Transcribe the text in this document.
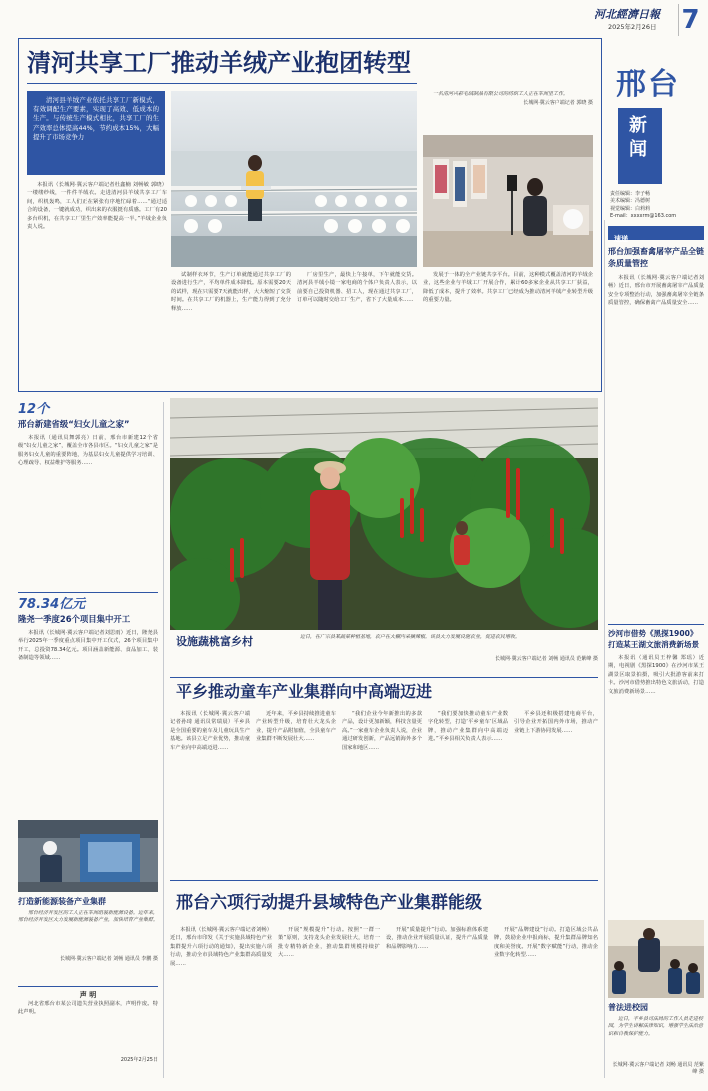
河北經濟日報
2025年2月26日 7
邢台
新闻
责任编辑：李子畅
美术编辑：冯德树
视觉编辑：白莉莉
E-mail：xxxxrm@163.com
清河共享工厂推动羊绒产业抱团转型
清河县羊绒产业依托共享工厂新模式，有效调配生产要素，实现了高效、低成本的生产。与传统生产模式相比，共享工厂的生产效率总体提高44%，节约成本15%，大幅提升了市场竞争力
本报讯（长城网·冀云客户端记者杜鑫楠 刘畅敏 郭晓）一缕缕纱线，一件件羊绒衣。走进清河县羊绒共享工厂车间，织机轰鸣，工人们正在紧张有序地忙碌着……“通过适合的设备，一键就成功，织出来的衣服挺有质感。工厂有20多台织机，在共享工厂里生产效率能提高一半。”羊绒企业负责人说。
试制样衣环节，生产订单就能通过共享工厂的设备进行生产，平均单件成本降低。原本需要20天的试样，现在只需要7天就能出样，大大缩短了交货时间。在共享工厂的机器上，生产能力得到了充分释放……
厂房里生产，最快上午接单，下午就能交货。清河县羊绒小镜一家电商的个体户负责人表示，以前要自己投资机器、招工人，现在通过共享工厂，订单可以随时交给工厂生产，省下了大量成本……
一名清河兴彩毛绒制品有限公司的纺织工人正在车间里工作。
长城网·冀云客户端记者 郭晓 摄
发展于一体的全产业链共享平台。目前，这种模式覆盖清河的羊绒企业，这些企业与羊绒工厂开展合作，累计60多家企业从共享工厂获益，降低了成本，提升了效率。共享工厂已经成为推动清河羊绒产业转型升级的重要力量。
12个
邢台新建省级“妇女儿童之家”
本报讯（通讯员舞郭亮）日前，邢台市新建12个省级“妇女儿童之家”，覆盖全市各县市区。“妇女儿童之家”是服务妇女儿童的重要阵地，为基层妇女儿童提供学习培训、心理疏导、权益维护等服务……
78.34亿元
隆尧一季度26个项目集中开工
本报讯（长城网·冀云客户端记者刘思雨）近日，隆尧县举行2025年一季度重点项目集中开工仪式，26个项目集中开工，总投资78.34亿元。项目涵盖新能源、食品加工、装备制造等领域……
打造新能源装备产业集群
邢台经济开发区的工人正在车间组装新能源设备。近年来，邢台经济开发区大力发展新能源装备产业，加快培育产业集群。
长城网·冀云客户端记者 刘畅 通讯员 李鹏 摄
声 明
河北省邢台市某公司遗失营业执照副本，声明作废。特此声明。
2025年2月25日
设施蔬桃富乡村	近日，在广宗县某蔬菜种植基地，农户在大棚内采摘辣椒。该县大力发展设施农业，促进农民增收。
长城网·冀云客户端记者 刘畅 通讯员 范紫峰 摄
平乡推动童车产业集群向中高端迈进
本报讯（长城网·冀云客户端记者孙琦 通讯员常瑞晨）平乡县是全国重要的童车及儿童玩具生产基地。该县立足产业优势，推动童车产业向中高端迈进……
近年来，平乡县持续推进童车产业转型升级，培育壮大龙头企业，提升产品附加值，全县童车产业集群不断发展壮大……
“我们企业今年新推出的多款产品，设计更加新颖，科技含量更高。”一家童车企业负责人说，企业通过研发创新，产品远销海外多个国家和地区……
“我们要加快推动童车产业数字化转型，打造‘平乡童车’区域品牌，推动产业集群向中高端迈进。”平乡县相关负责人表示……
平乡县还积极搭建电商平台，引导企业开拓国内外市场，推动产业链上下游协同发展……
邢台六项行动提升县域特色产业集群能级
本报讯（长城网·冀云客户端记者刘畅）近日，邢台市印发《关于实施县域特色产业集群提升六项行动的通知》，提出实施六项行动，推动全市县域特色产业集群高质量发展……
开展“规模提升”行动。按照“一群一策”原则，支持龙头企业发展壮大，培育一批专精特新企业，推动集群规模持续扩大……
开展“质量提升”行动。加强标准体系建设，推动企业开展质量认证，提升产品质量和品牌影响力……
开展“品牌建设”行动。打造区域公共品牌，鼓励企业申报商标，提升集群品牌知名度和美誉度。开展“数字赋能”行动，推动企业数字化转型……
速递
邢台加强畜禽屠宰产品全链条质量管控
本报讯（长城网·冀云客户端记者刘畅）近日，邢台市开展畜禽屠宰产品质量安全专项整治行动，加强畜禽屠宰全链条质量管控，确保畜禽产品质量安全……
沙河市借势《黑探1900》打造某王湖文旅消费新场景
本报讯（通讯员王梓馨 郑瑶）近期，电视剧《黑探1900》在沙河市某王湖景区取景拍摄，吸引大批游客前来打卡。沙河市借势推出特色文旅活动，打造文旅消费新场景……
普法进校园
近日，平乡县司法局的工作人员走进校园，为学生讲解法律知识，增强学生法治意识和自我保护能力。
长城网·冀云客户端记者 刘畅 通讯员 范紫峰 摄
